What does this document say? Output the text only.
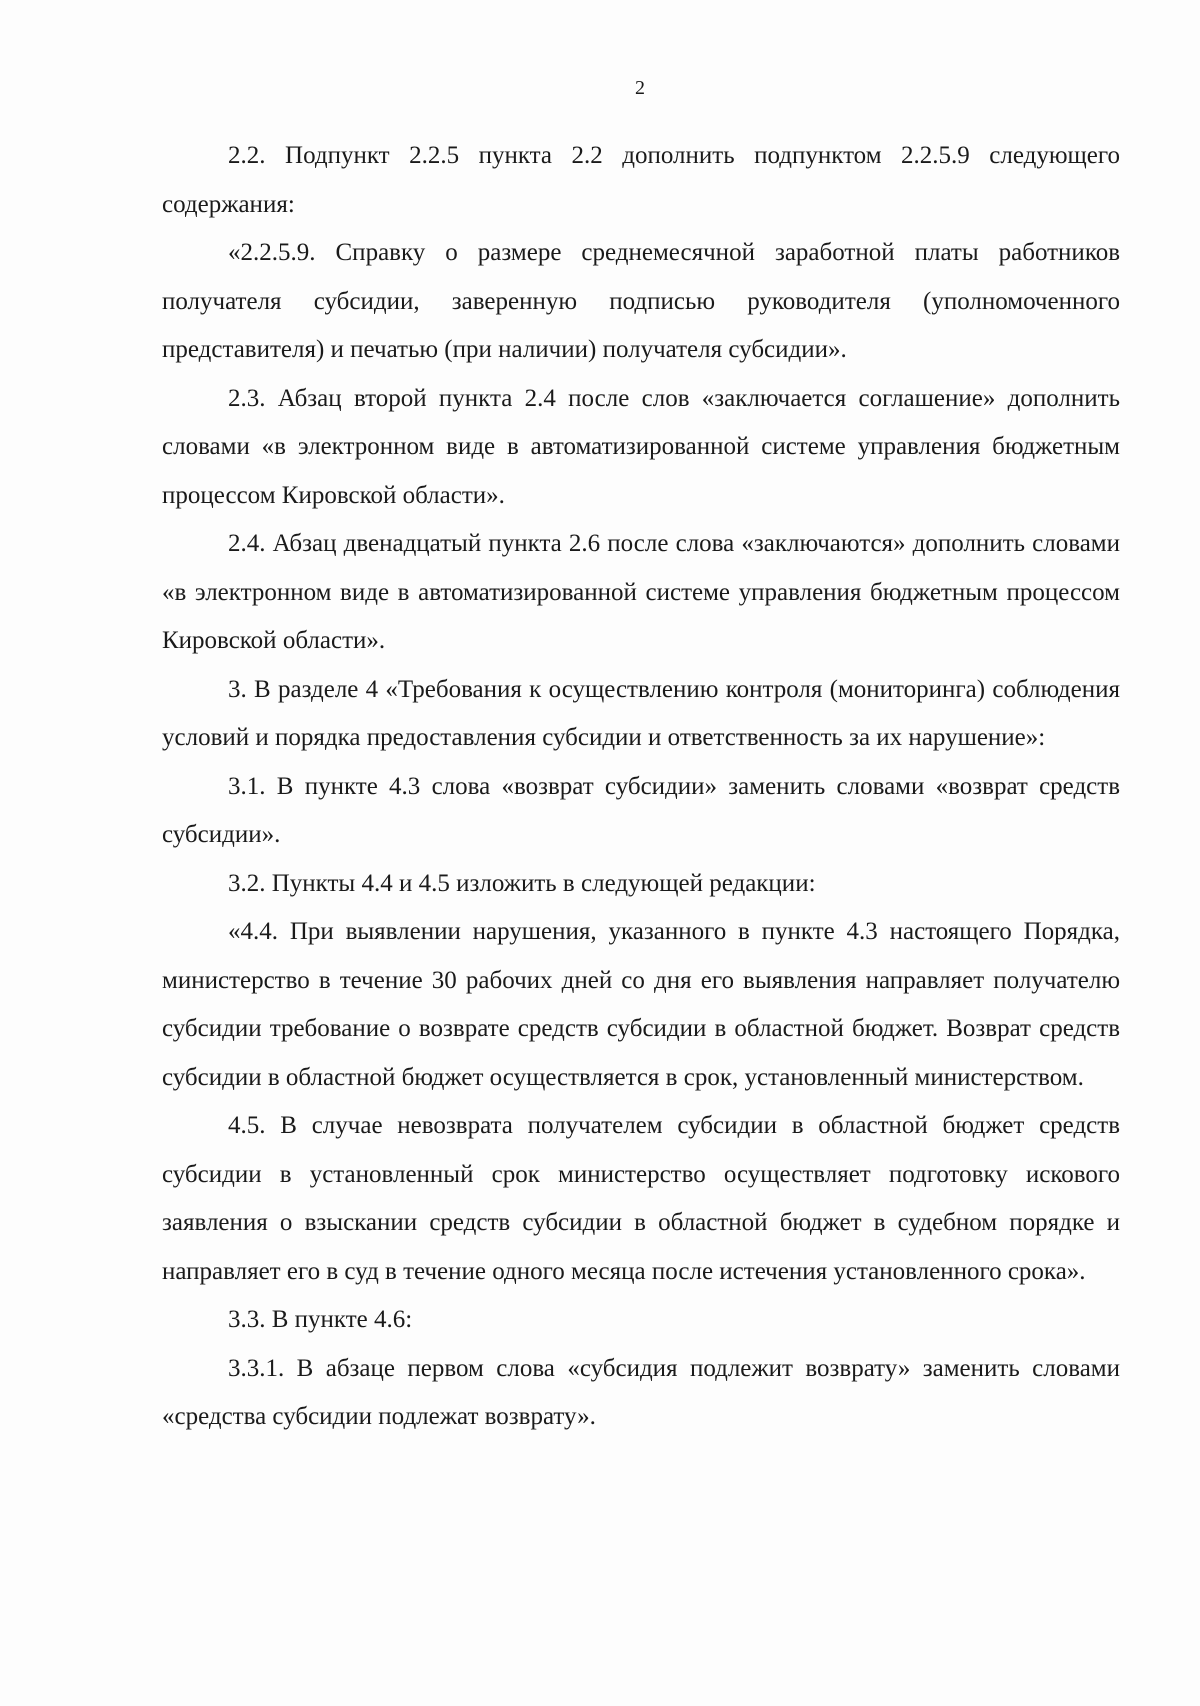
2

2.2. Подпункт 2.2.5 пункта 2.2 дополнить подпунктом 2.2.5.9 следующего содержания:

«2.2.5.9. Справку о размере среднемесячной заработной платы работников получателя субсидии, заверенную подписью руководителя (уполномоченного представителя) и печатью (при наличии) получателя субсидии».

2.3. Абзац второй пункта 2.4 после слов «заключается соглашение» дополнить словами «в электронном виде в автоматизированной системе управления бюджетным процессом Кировской области».

2.4. Абзац двенадцатый пункта 2.6 после слова «заключаются» дополнить словами «в электронном виде в автоматизированной системе управления бюджетным процессом Кировской области».

3. В разделе 4 «Требования к осуществлению контроля (мониторинга) соблюдения условий и порядка предоставления субсидии и ответственность за их нарушение»:

3.1. В пункте 4.3 слова «возврат субсидии» заменить словами «возврат средств субсидии».

3.2. Пункты 4.4 и 4.5 изложить в следующей редакции:

«4.4. При выявлении нарушения, указанного в пункте 4.3 настоящего Порядка, министерство в течение 30 рабочих дней со дня его выявления направляет получателю субсидии требование о возврате средств субсидии в областной бюджет. Возврат средств субсидии в областной бюджет осуществляется в срок, установленный министерством.

4.5. В случае невозврата получателем субсидии в областной бюджет средств субсидии в установленный срок министерство осуществляет подготовку искового заявления о взыскании средств субсидии в областной бюджет в судебном порядке и направляет его в суд в течение одного месяца после истечения установленного срока».

3.3. В пункте 4.6:

3.3.1. В абзаце первом слова «субсидия подлежит возврату» заменить словами «средства субсидии подлежат возврату».
